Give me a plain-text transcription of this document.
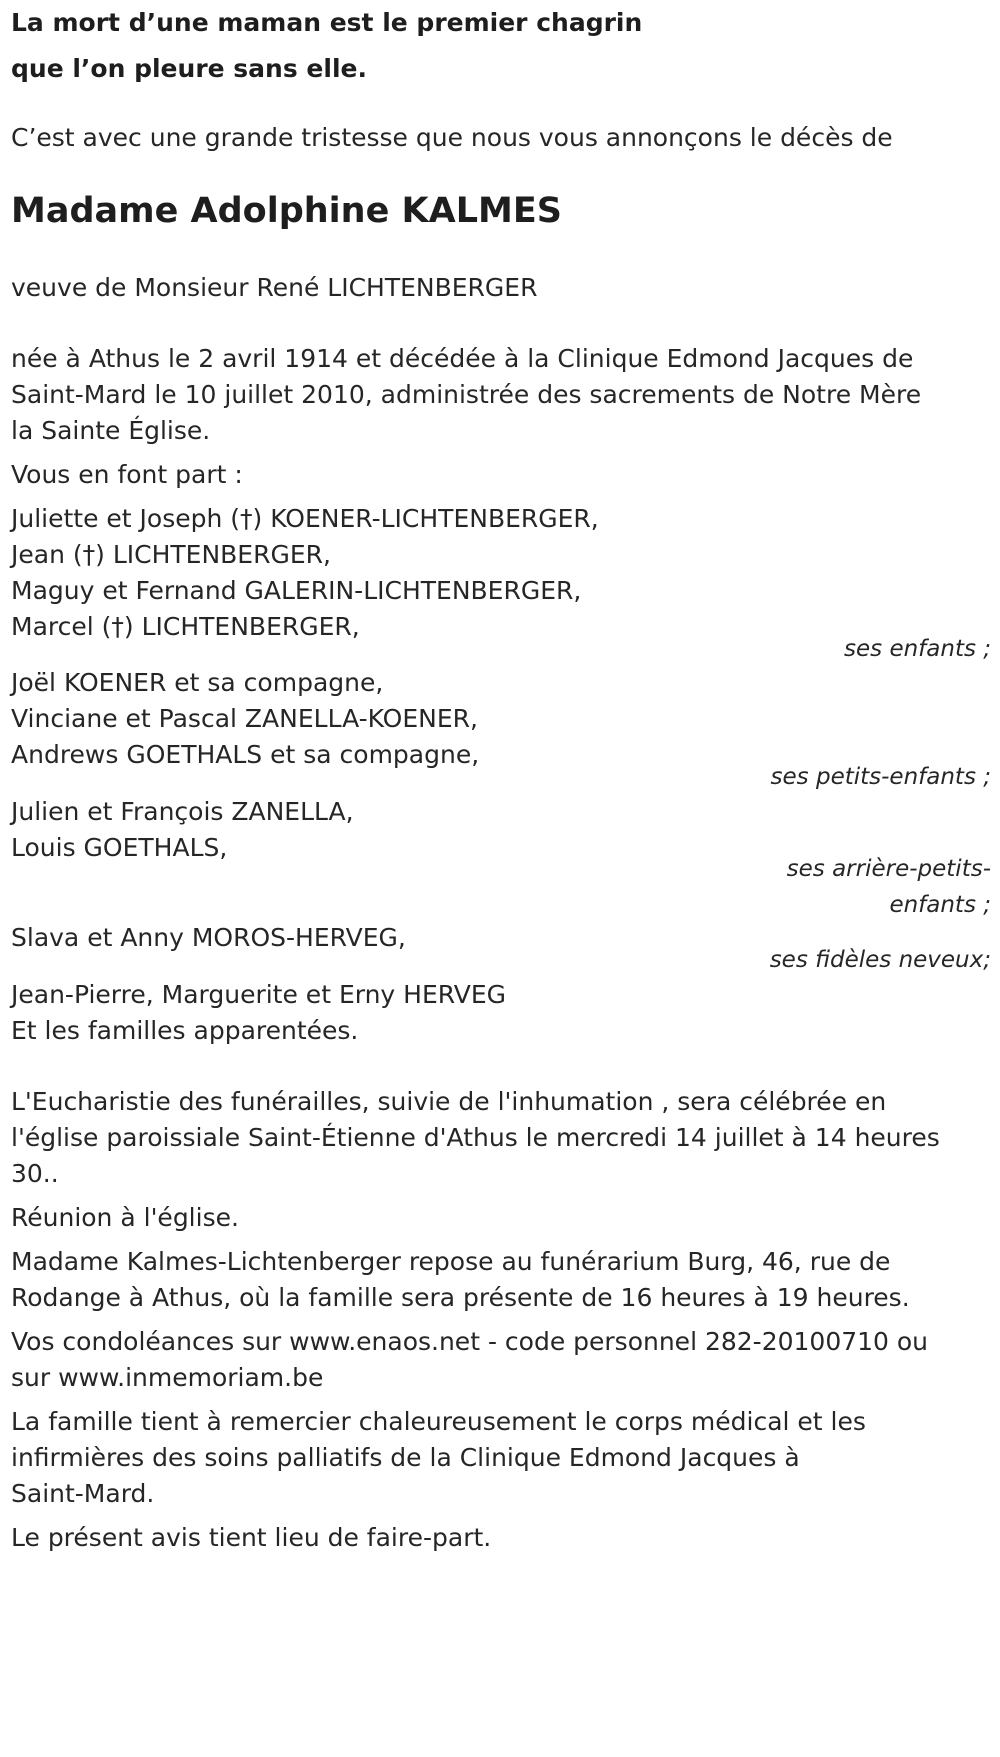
La mort d’une maman est le premier chagrin
que l’on pleure sans elle.
C’est avec une grande tristesse que nous vous annonçons le décès de
Madame Adolphine KALMES
veuve de Monsieur René LICHTENBERGER
née à Athus le 2 avril 1914 et décédée à la Clinique Edmond Jacques de
Saint-Mard le 10 juillet 2010, administrée des sacrements de Notre Mère
la Sainte Église.
Vous en font part :
Juliette et Joseph (†) KOENER-LICHTENBERGER,
Jean (†) LICHTENBERGER,
Maguy et Fernand GALERIN-LICHTENBERGER,
Marcel (†) LICHTENBERGER,
ses enfants ;
Joël KOENER et sa compagne,
Vinciane et Pascal ZANELLA-KOENER,
Andrews GOETHALS et sa compagne,
ses petits-enfants ;
Julien et François ZANELLA,
Louis GOETHALS,
ses arrière-petits-
enfants ;
Slava et Anny MOROS-HERVEG,
ses fidèles neveux;
Jean-Pierre, Marguerite et Erny HERVEG
Et les familles apparentées.
L'Eucharistie des funérailles, suivie de l'inhumation , sera célébrée en
l'église paroissiale Saint-Étienne d'Athus le mercredi 14 juillet à 14 heures
30..
Réunion à l'église.
Madame Kalmes-Lichtenberger repose au funérarium Burg, 46, rue de
Rodange à Athus, où la famille sera présente de 16 heures à 19 heures.
Vos condoléances sur www.enaos.net - code personnel 282-20100710 ou
sur www.inmemoriam.be
La famille tient à remercier chaleureusement le corps médical et les
infirmières des soins palliatifs de la Clinique Edmond Jacques à
Saint-Mard.
Le présent avis tient lieu de faire-part.
